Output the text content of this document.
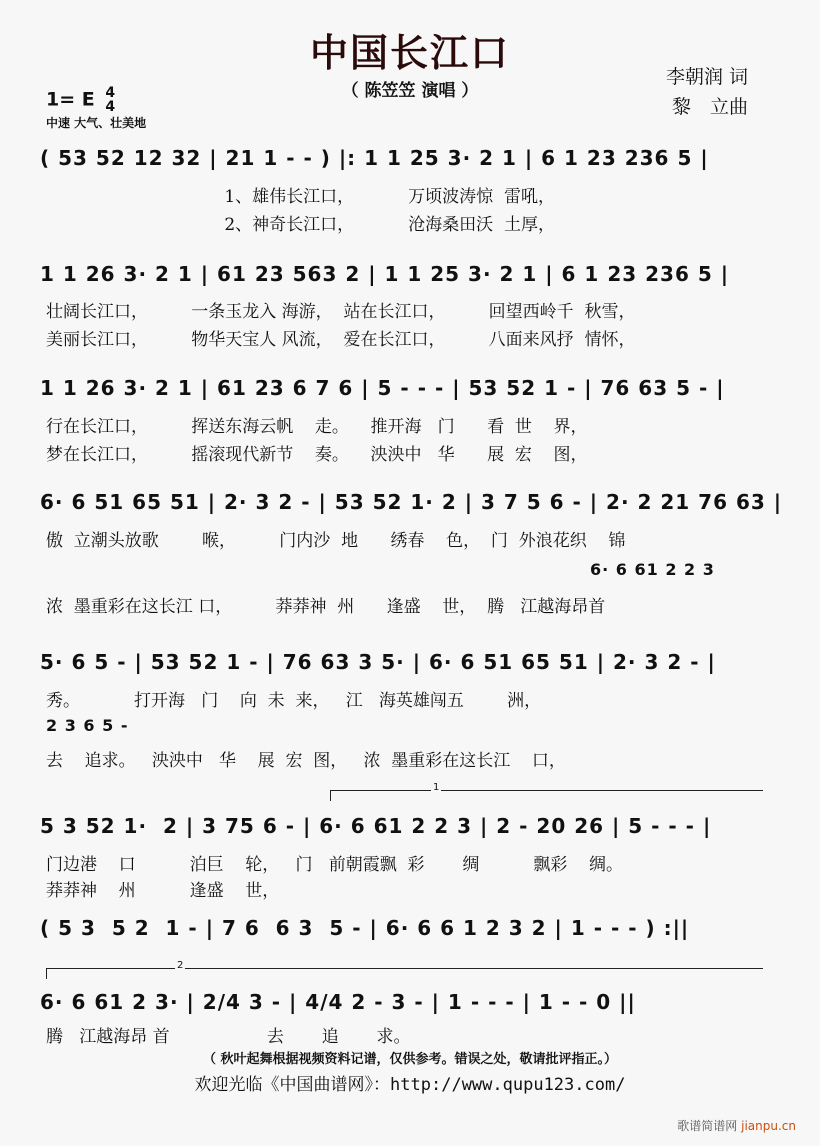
中国长江口
（ 陈笠笠 演唱 ）
李朝润 词
黎　立曲
1= E 4
4
中速 大气、壮美地
( 53 52 12 32 | 21 1 - - ) |: 1 1 25 3· 2 1 | 6 1 23 236 5 |
1、雄伟长江口，          万顷波涛惊  雷吼，
2、神奇长江口，          沧海桑田沃  土厚，
1 1 26 3· 2 1 | 61 23 563 2 | 1 1 25 3· 2 1 | 6 1 23 236 5 |
壮阔长江口，        一条玉龙入 海游，  站在长江口，        回望西岭千  秋雪，
美丽长江口，        物华天宝人 风流，  爱在长江口，        八面来风抒  情怀，
1 1 26 3· 2 1 | 61 23 6 7 6 | 5 - - - | 53 52 1 - | 76 63 5 - |
行在长江口，        挥送东海云帆    走。    推开海   门      看  世    界，
梦在长江口，        摇滚现代新节    奏。    泱泱中   华      展  宏    图，
6· 6 51 65 51 | 2· 3 2 - | 53 52 1· 2 | 3 7 5 6 - | 2· 2 21 76 63 |
傲  立潮头放歌        喉，        门内沙  地      绣春    色，  门  外浪花织    锦
6· 6 61 2 2 3
浓  墨重彩在这长江 口，        莽莽神  州      逢盛    世，  腾   江越海昂首
5· 6 5 - | 53 52 1 - | 76 63 3 5· | 6· 6 51 65 51 | 2· 3 2 - |
秀。          打开海   门    向  未  来，   江   海英雄闯五        洲，
2 3 6 5 -
去    追求。   泱泱中   华    展  宏  图，   浓  墨重彩在这长江    口，
1
5 3 52 1·  2 | 3 75 6 - | 6· 6 61 2 2 3 | 2 - 20 26 | 5 - - - |
门边港    口          泊巨    轮，   门   前朝霞飘  彩       绸          飘彩    绸。
莽莽神    州          逢盛    世，
( 5 3  5 2  1 - | 7 6  6 3  5 - | 6· 6 6 1 2 3 2 | 1 - - - ) :||
2
6· 6 61 2 3· | 2/4 3 - | 4/4 2 - 3 - | 1 - - - | 1 - - 0 ||
腾   江越海昂 首                  去       追       求。
（ 秋叶起舞根据视频资料记谱，仅供参考。错误之处，敬请批评指正。）
欢迎光临《中国曲谱网》：http://www.qupu123.com/
歌谱简谱网 jianpu.cn
